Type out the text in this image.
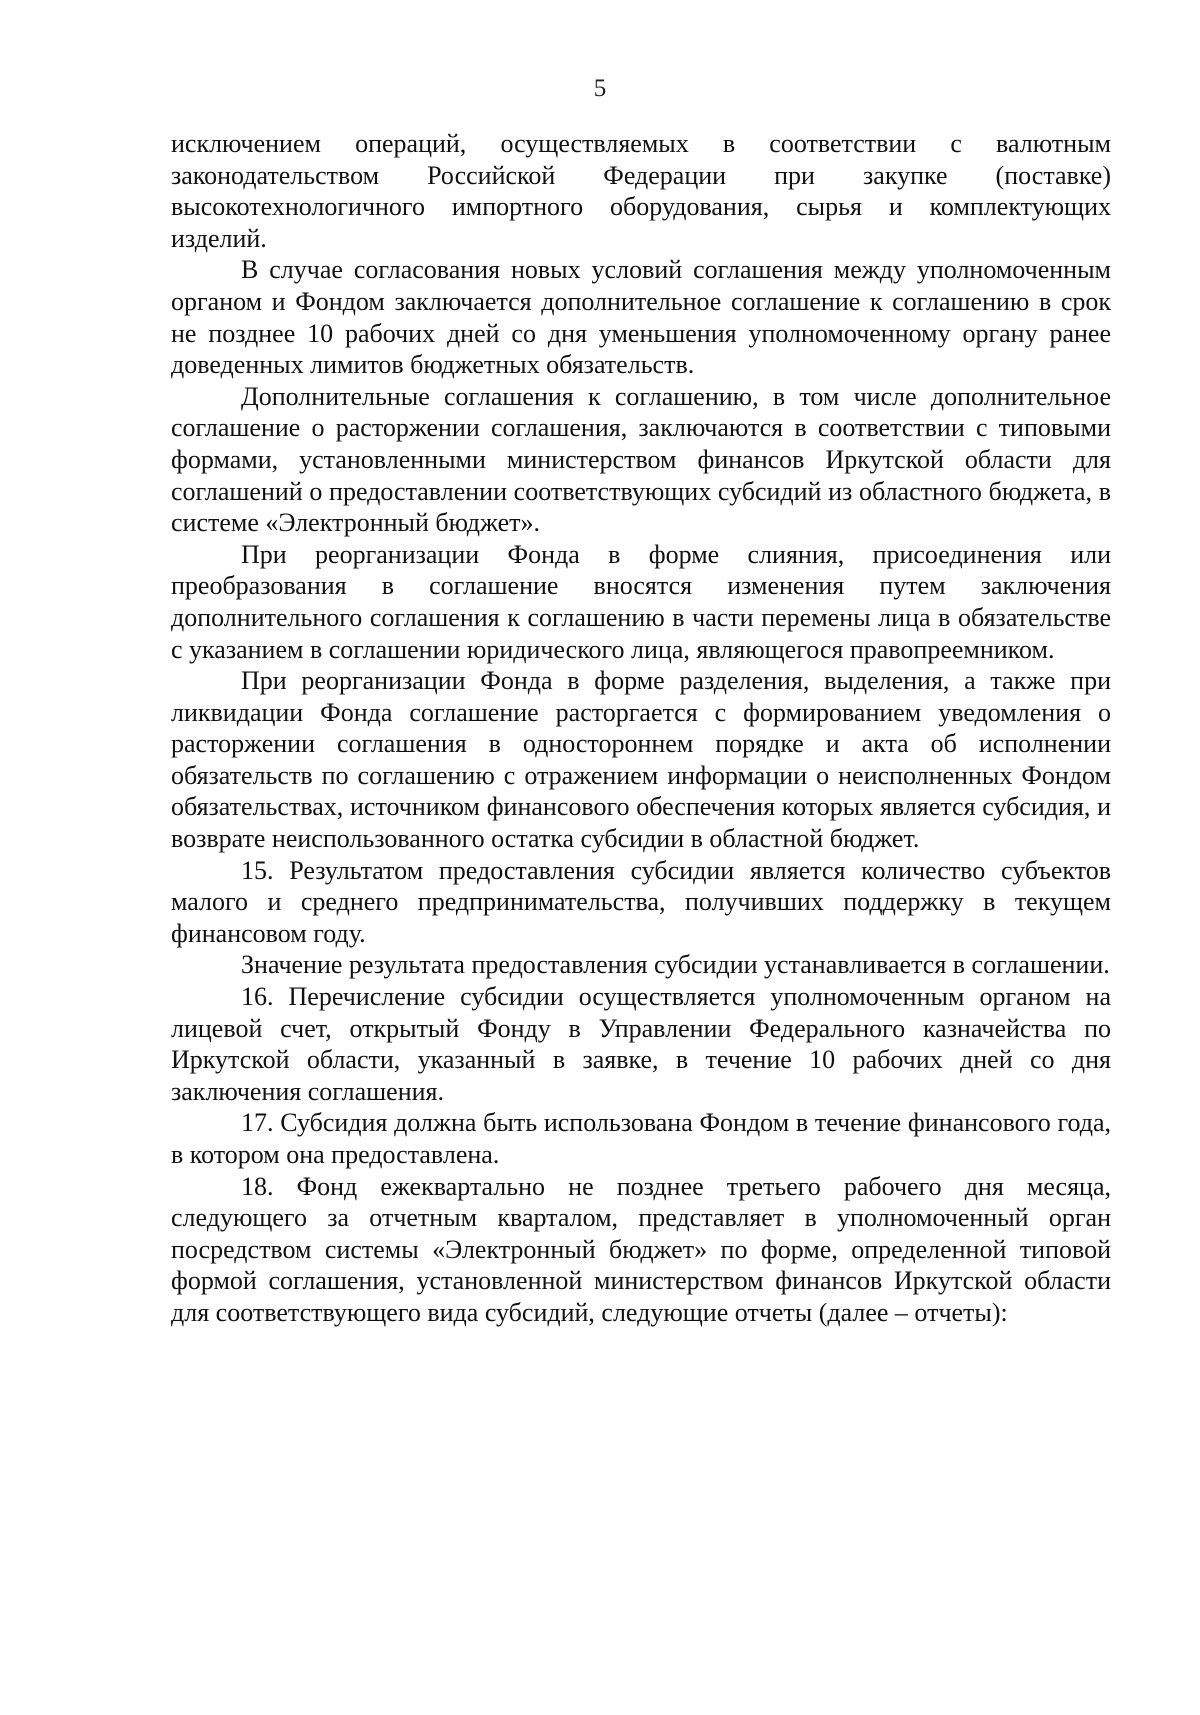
5

исключением операций, осуществляемых в соответствии с валютным законодательством Российской Федерации при закупке (поставке) высокотехнологичного импортного оборудования, сырья и комплектующих изделий.

В случае согласования новых условий соглашения между уполномоченным органом и Фондом заключается дополнительное соглашение к соглашению в срок не позднее 10 рабочих дней со дня уменьшения уполномоченному органу ранее доведенных лимитов бюджетных обязательств.

Дополнительные соглашения к соглашению, в том числе дополнительное соглашение о расторжении соглашения, заключаются в соответствии с типовыми формами, установленными министерством финансов Иркутской области для соглашений о предоставлении соответствующих субсидий из областного бюджета, в системе «Электронный бюджет».

При реорганизации Фонда в форме слияния, присоединения или преобразования в соглашение вносятся изменения путем заключения дополнительного соглашения к соглашению в части перемены лица в обязательстве с указанием в соглашении юридического лица, являющегося правопреемником.

При реорганизации Фонда в форме разделения, выделения, а также при ликвидации Фонда соглашение расторгается с формированием уведомления о расторжении соглашения в одностороннем порядке и акта об исполнении обязательств по соглашению с отражением информации о неисполненных Фондом обязательствах, источником финансового обеспечения которых является субсидия, и возврате неиспользованного остатка субсидии в областной бюджет.

15. Результатом предоставления субсидии является количество субъектов малого и среднего предпринимательства, получивших поддержку в текущем финансовом году.

Значение результата предоставления субсидии устанавливается в соглашении.

16. Перечисление субсидии осуществляется уполномоченным органом на лицевой счет, открытый Фонду в Управлении Федерального казначейства по Иркутской области, указанный в заявке, в течение 10 рабочих дней со дня заключения соглашения.

17. Субсидия должна быть использована Фондом в течение финансового года, в котором она предоставлена.

18. Фонд ежеквартально не позднее третьего рабочего дня месяца, следующего за отчетным кварталом, представляет в уполномоченный орган посредством системы «Электронный бюджет» по форме, определенной типовой формой соглашения, установленной министерством финансов Иркутской области для соответствующего вида субсидий, следующие отчеты (далее – отчеты):
